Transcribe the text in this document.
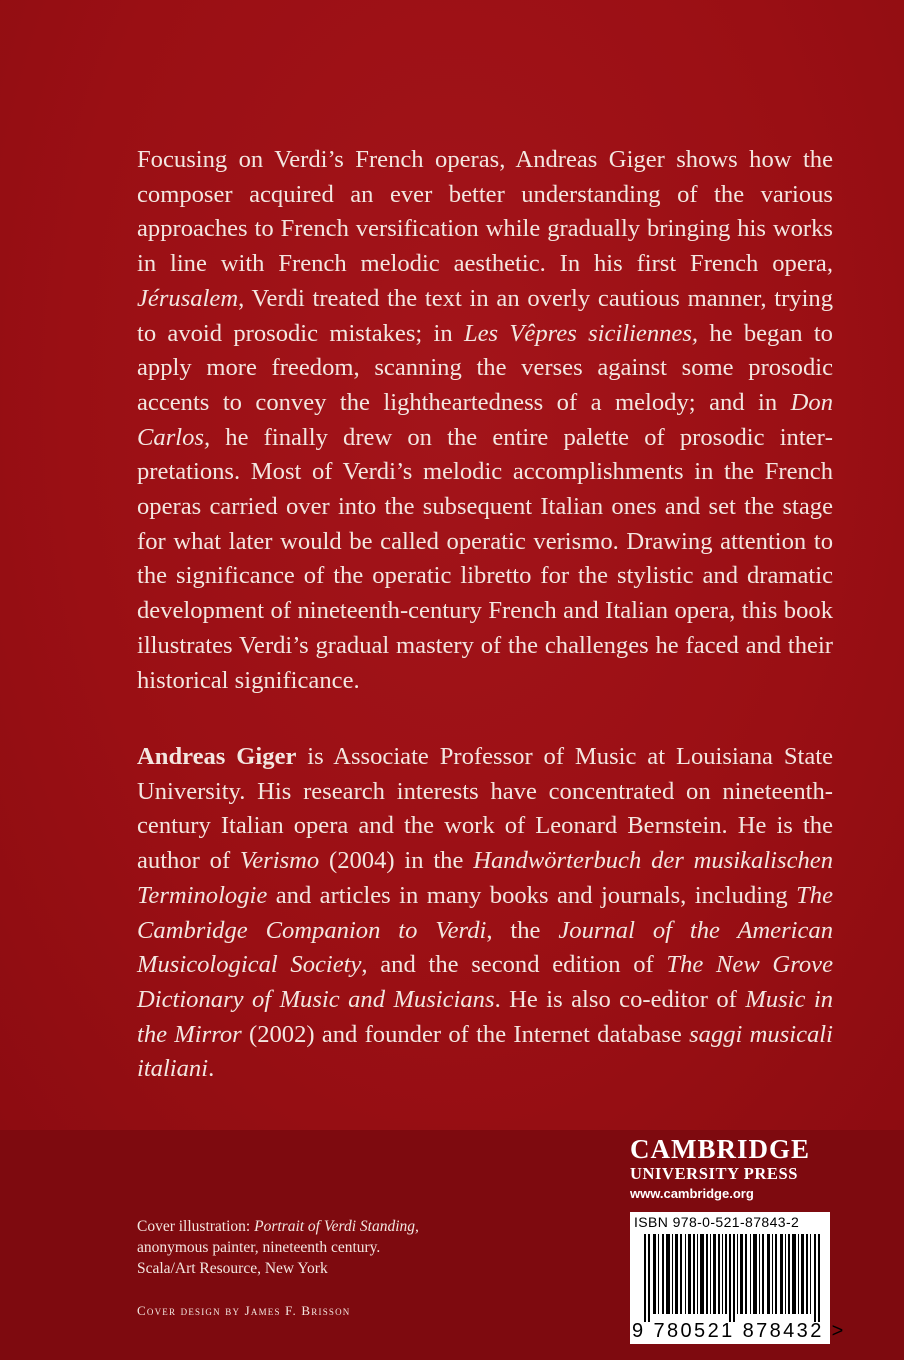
Focusing on Verdi’s French operas, Andreas Giger shows how the composer acquired an ever better understanding of the various approaches to French versification while gradually bringing his works in line with French melodic aesthetic. In his first French opera, Jérusalem, Verdi treated the text in an overly cautious manner, trying to avoid prosodic mistakes; in Les Vêpres siciliennes, he began to apply more freedom, scanning the verses against some prosodic accents to convey the lightheartedness of a melody; and in Don Carlos, he finally drew on the entire palette of prosodic interpretations. Most of Verdi’s melodic accomplishments in the French operas carried over into the subsequent Italian ones and set the stage for what later would be called operatic verismo. Drawing attention to the significance of the operatic libretto for the stylistic and dramatic development of nineteenth-century French and Italian opera, this book illustrates Verdi’s gradual mastery of the challenges he faced and their historical significance.

Andreas Giger is Associate Professor of Music at Louisiana State University. His research interests have concentrated on nineteenth-century Italian opera and the work of Leonard Bernstein. He is the author of Verismo (2004) in the Handwörterbuch der musikalischen Terminologie and articles in many books and journals, including The Cambridge Companion to Verdi, the Journal of the American Musicological Society, and the second edition of The New Grove Dictionary of Music and Musicians. He is also co-editor of Music in the Mirror (2002) and founder of the Internet database saggi musicali italiani.

Cover illustration: Portrait of Verdi Standing,
anonymous painter, nineteenth century.
Scala/Art Resource, New York
Cover design by James F. Brisson
CAMBRIDGE
UNIVERSITY PRESS
www.cambridge.org
ISBN 978-0-521-87843-2
9 780521 878432 >
